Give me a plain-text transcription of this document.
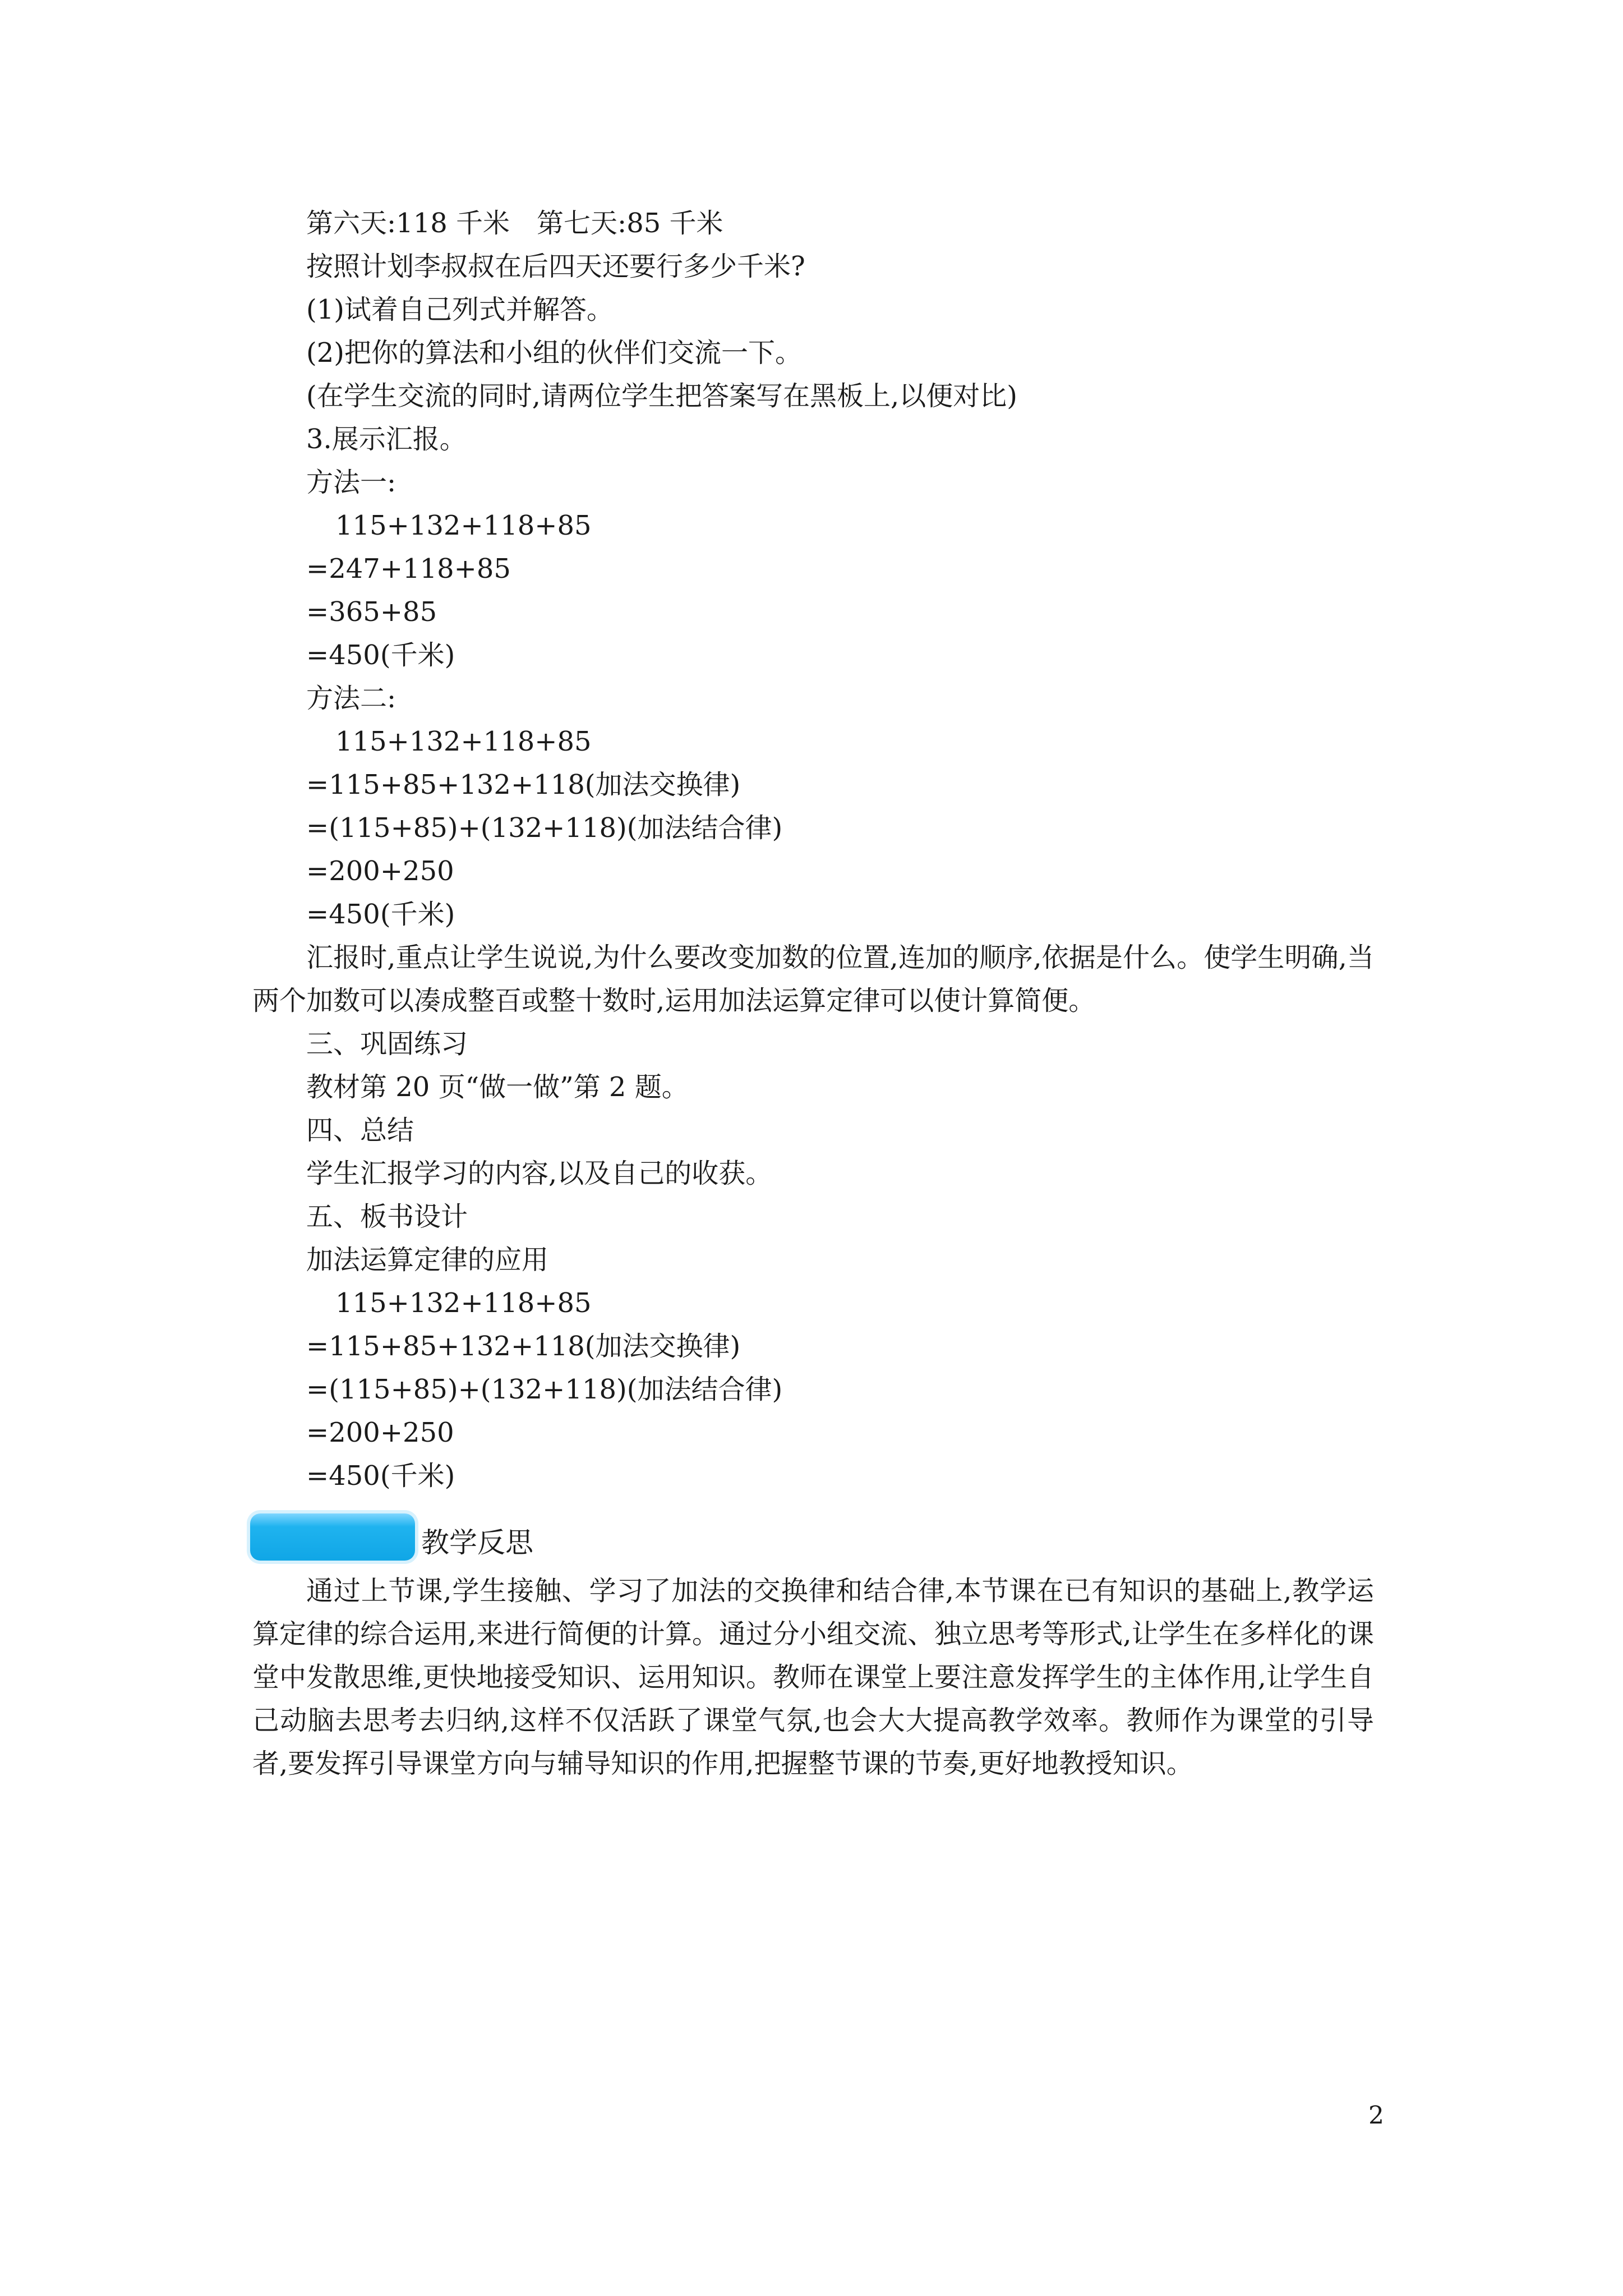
第六天:118 千米　第七天:85 千米

按照计划李叔叔在后四天还要行多少千米?

(1)试着自己列式并解答。

(2)把你的算法和小组的伙伴们交流一下。

(在学生交流的同时,请两位学生把答案写在黑板上,以便对比)

3.展示汇报。

方法一:

115+132+118+85

=247+118+85

=365+85

=450(千米)

方法二:

115+132+118+85

=115+85+132+118(加法交换律)

=(115+85)+(132+118)(加法结合律)

=200+250

=450(千米)

汇报时,重点让学生说说,为什么要改变加数的位置,连加的顺序,依据是什么。使学生明确,当两个加数可以凑成整百或整十数时,运用加法运算定律可以使计算简便。

三、巩固练习

教材第 20 页“做一做”第 2 题。

四、总结

学生汇报学习的内容,以及自己的收获。

五、板书设计

加法运算定律的应用

115+132+118+85

=115+85+132+118(加法交换律)

=(115+85)+(132+118)(加法结合律)

=200+250

=450(千米)

教学反思

通过上节课,学生接触、学习了加法的交换律和结合律,本节课在已有知识的基础上,教学运算定律的综合运用,来进行简便的计算。通过分小组交流、独立思考等形式,让学生在多样化的课堂中发散思维,更快地接受知识、运用知识。教师在课堂上要注意发挥学生的主体作用,让学生自己动脑去思考去归纳,这样不仅活跃了课堂气氛,也会大大提高教学效率。教师作为课堂的引导者,要发挥引导课堂方向与辅导知识的作用,把握整节课的节奏,更好地教授知识。

2
